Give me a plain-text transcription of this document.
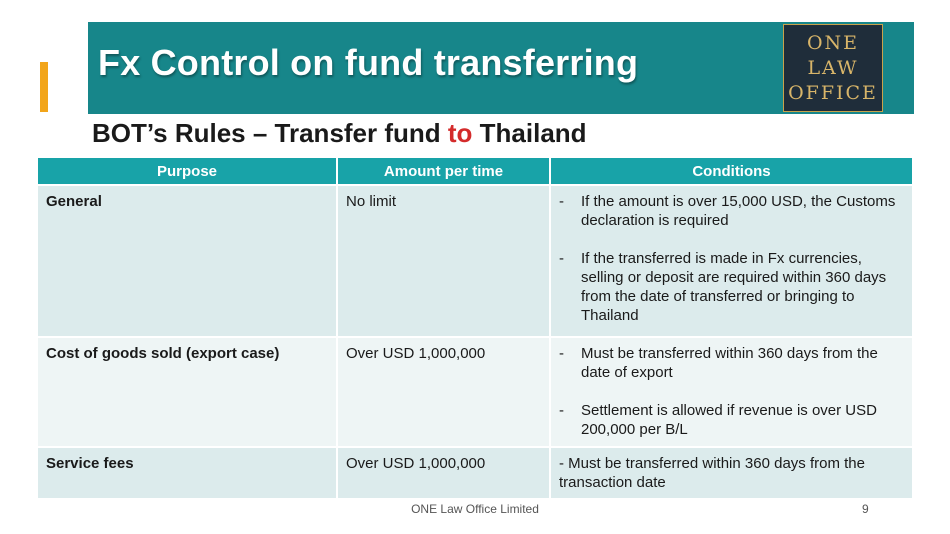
Fx Control on fund transferring	ONE
LAW
OFFICE
BOT’s Rules – Transfer fund to Thailand
Purpose	Amount per time	Conditions
General	No limit	- If the amount is over 15,000 USD, the Customs declaration is required
- If the transferred is made in Fx currencies, selling or deposit are required within 360 days from the date of transferred or bringing to Thailand

Cost of goods sold (export case)	Over USD 1,000,000	- Must be transferred within 360 days from the date of export
- Settlement is allowed if revenue is over USD 200,000 per B/L

Service fees	Over USD 1,000,000	- Must be transferred within 360 days from the transaction date
ONE Law Office Limited	9
